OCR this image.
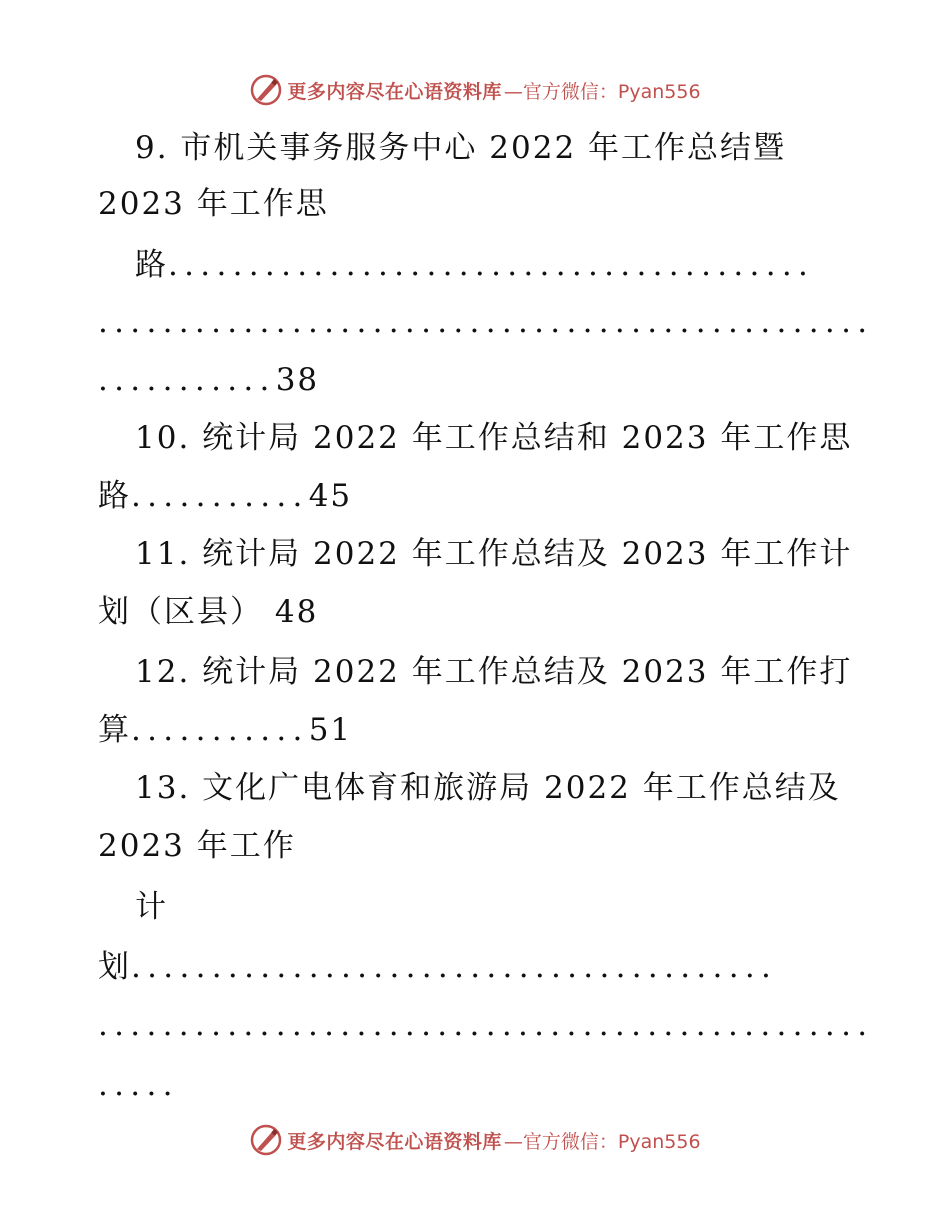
更多内容尽在心语资料库 —官方微信：Pyan556
9. 市机关事务服务中心 2022 年工作总结暨
2023 年工作思
路........................................
................................................
...........38
10. 统计局 2022 年工作总结和 2023 年工作思
路...........45
11. 统计局 2022 年工作总结及 2023 年工作计
划（区县） 48
12. 统计局 2022 年工作总结及 2023 年工作打
算...........51
13. 文化广电体育和旅游局 2022 年工作总结及
2023 年工作
计
划........................................
................................................
.....
更多内容尽在心语资料库 —官方微信：Pyan556
